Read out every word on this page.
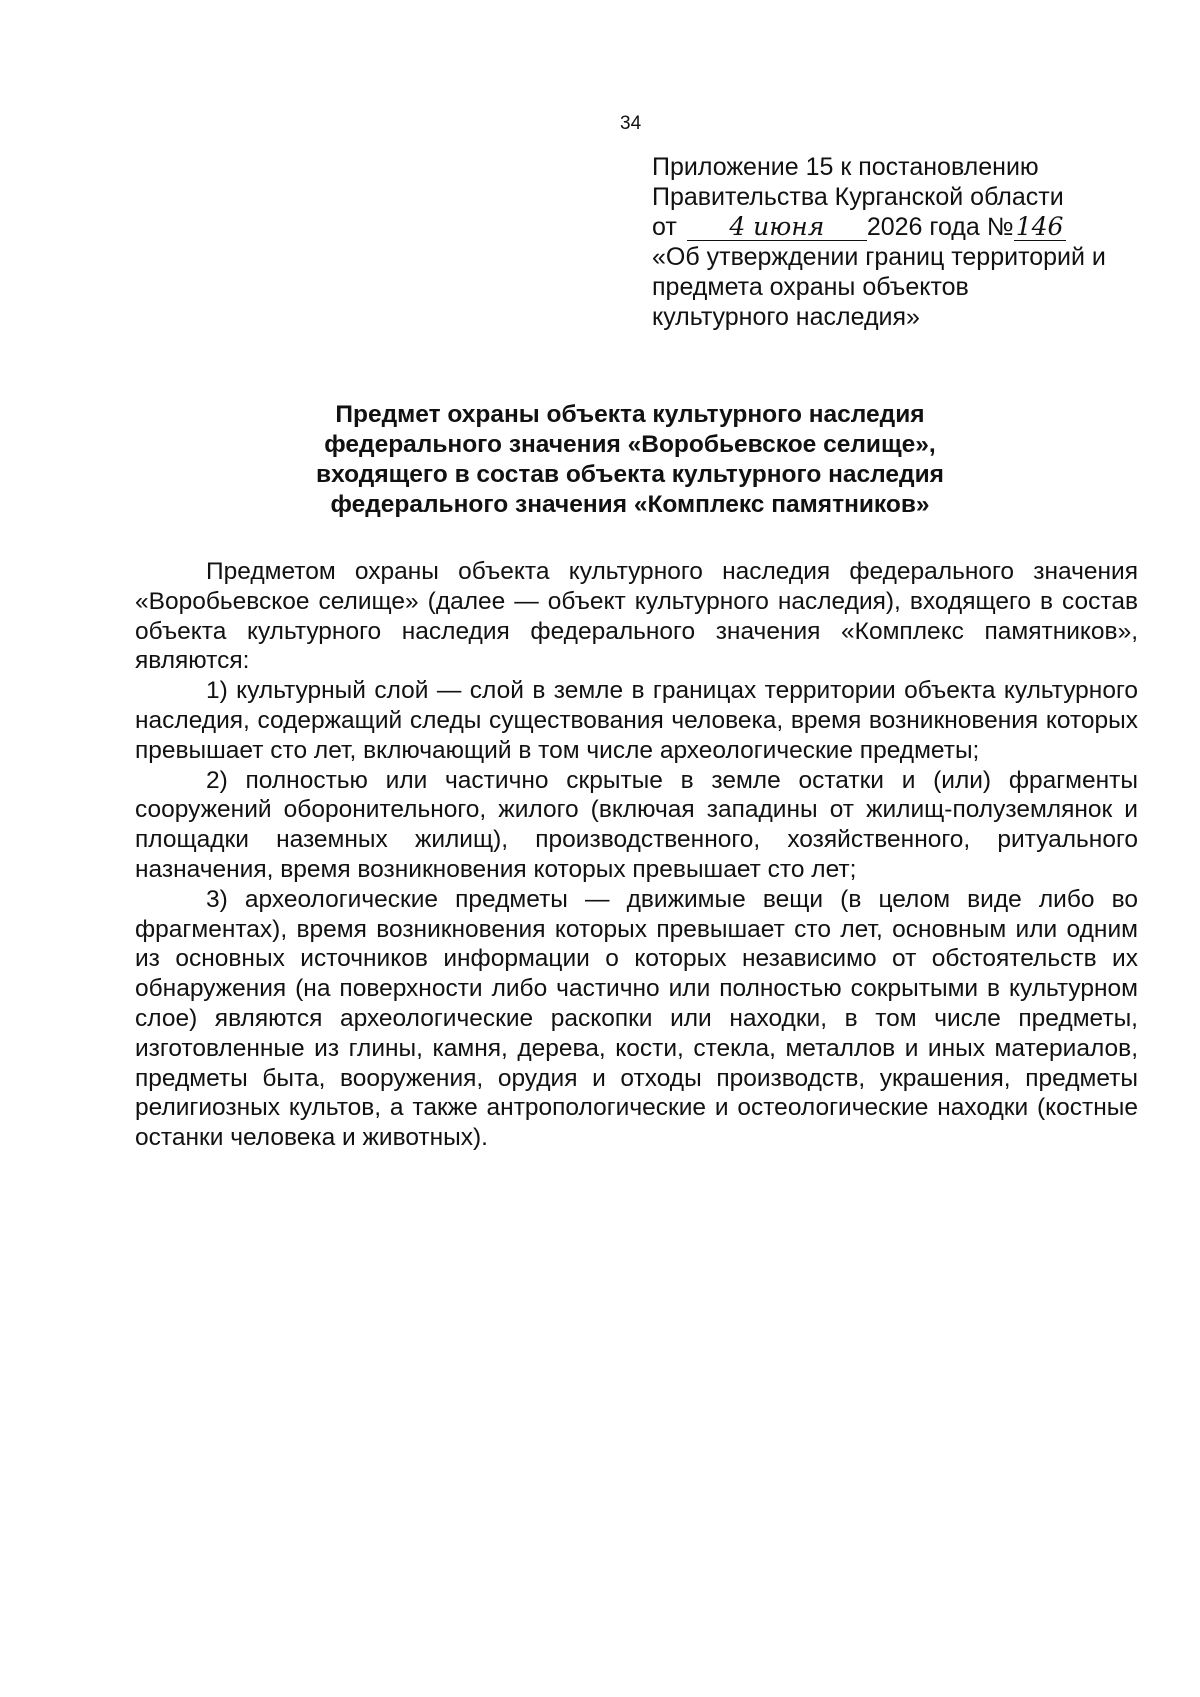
34
Приложение 15 к постановлению
Правительства Курганской области
от 4 июня 2026 года №146
«Об утверждении границ территорий и
предмета охраны объектов
культурного наследия»
Предмет охраны объекта культурного наследия
федерального значения «Воробьевское селище»,
входящего в состав объекта культурного наследия
федерального значения «Комплекс памятников»

Предметом охраны объекта культурного наследия федерального значения «Воробьевское селище» (далее — объект культурного наследия), входящего в состав объекта культурного наследия федерального значения «Комплекс памятников», являются:

1) культурный слой — слой в земле в границах территории объекта культурного наследия, содержащий следы существования человека, время возникновения которых превышает сто лет, включающий в том числе археологические предметы;

2) полностью или частично скрытые в земле остатки и (или) фрагменты сооружений оборонительного, жилого (включая западины от жилищ-полуземлянок и площадки наземных жилищ), производственного, хозяйственного, ритуального назначения, время возникновения которых превышает сто лет;

3) археологические предметы — движимые вещи (в целом виде либо во фрагментах), время возникновения которых превышает сто лет, основным или одним из основных источников информации о которых независимо от обстоятельств их обнаружения (на поверхности либо частично или полностью сокрытыми в культурном слое) являются археологические раскопки или находки, в том числе предметы, изготовленные из глины, камня, дерева, кости, стекла, металлов и иных материалов, предметы быта, вооружения, орудия и отходы производств, украшения, предметы религиозных культов, а также антропологические и остеологические находки (костные останки человека и животных).
